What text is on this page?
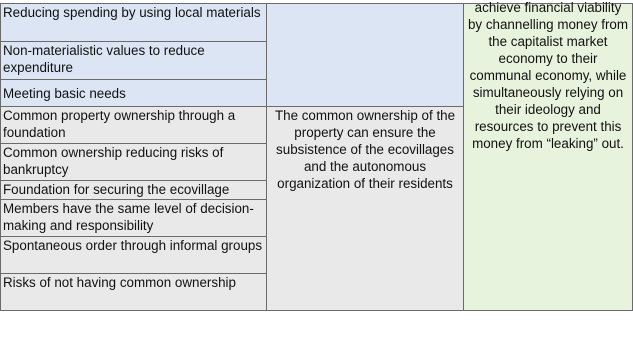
Reducing spending by using local materials		achieve financial viability by channelling money from the capitalist market economy to their communal economy, while simultaneously relying on their ideology and resources to prevent this money from “leaking” out.

Non-materialistic values to reduce expenditure		
Meeting basic needs		
Common property ownership through a foundation	The common ownership of the property can ensure the subsistence of the ecovillages and the autonomous organization of their residents	
Common ownership reducing risks of bankruptcy		
Foundation for securing the ecovillage		
Members have the same level of decision-making and responsibility		
Spontaneous order through informal groups		
Risks of not having common ownership		
